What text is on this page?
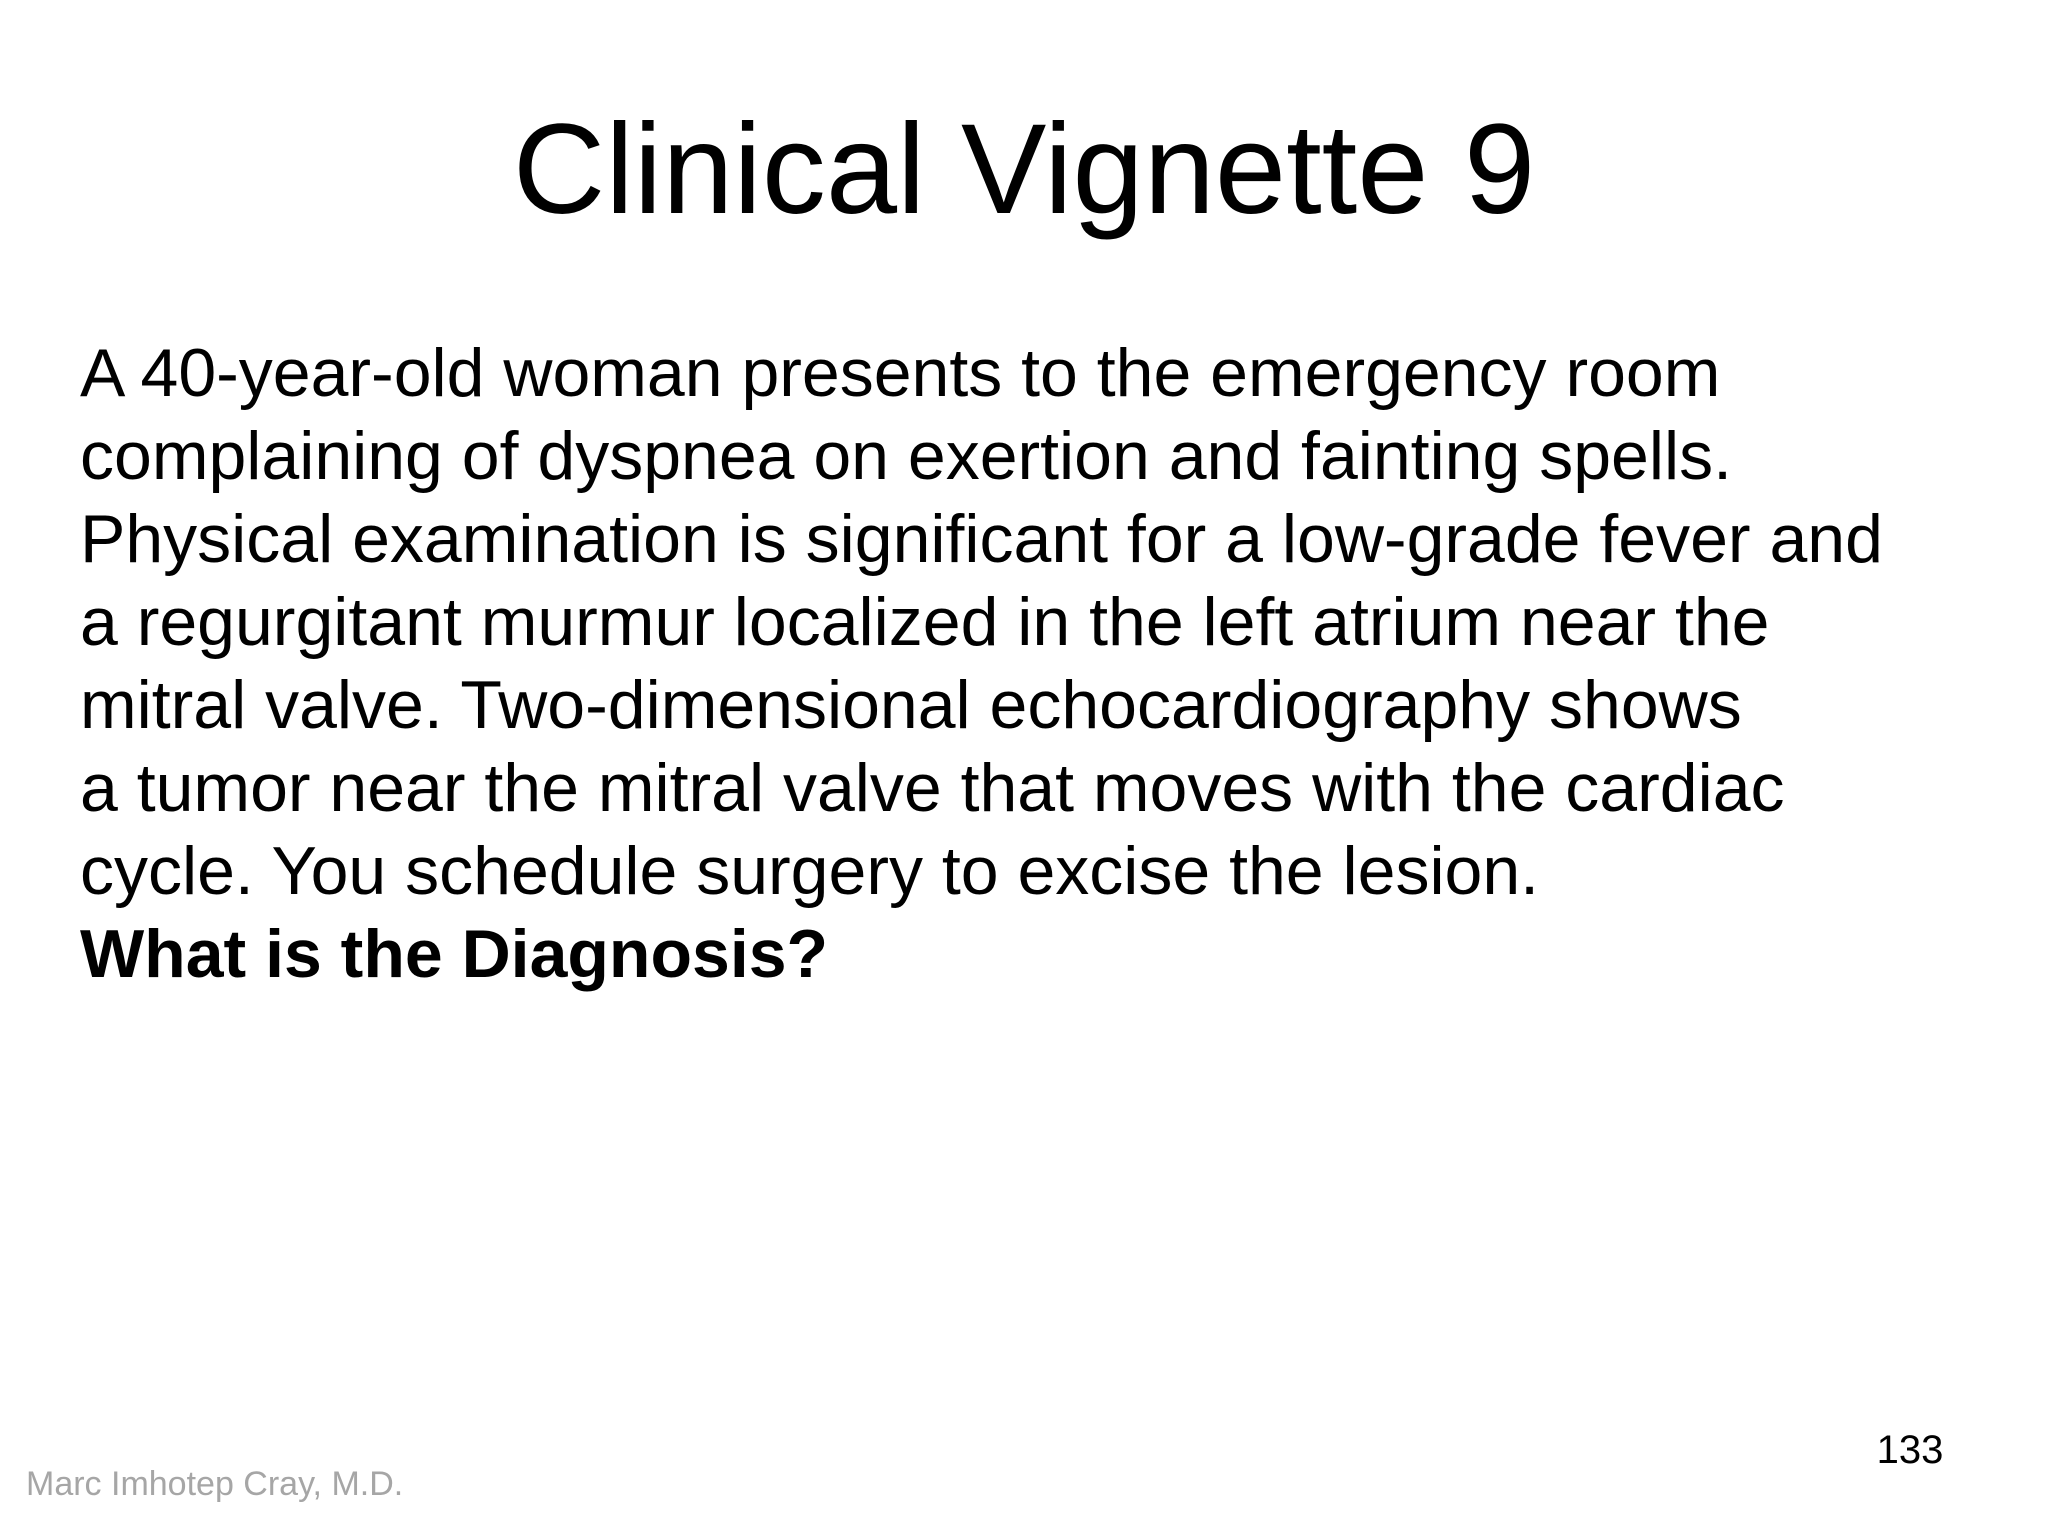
Clinical Vignette 9
A 40-year-old woman presents to the emergency room
complaining of dyspnea on exertion and fainting spells.
Physical examination is significant for a low-grade fever and
a regurgitant murmur localized in the left atrium near the
mitral valve. Two-dimensional echocardiography shows
a tumor near the mitral valve that moves with the cardiac
cycle. You schedule surgery to excise the lesion.
What is the Diagnosis?
133
Marc Imhotep Cray, M.D.
